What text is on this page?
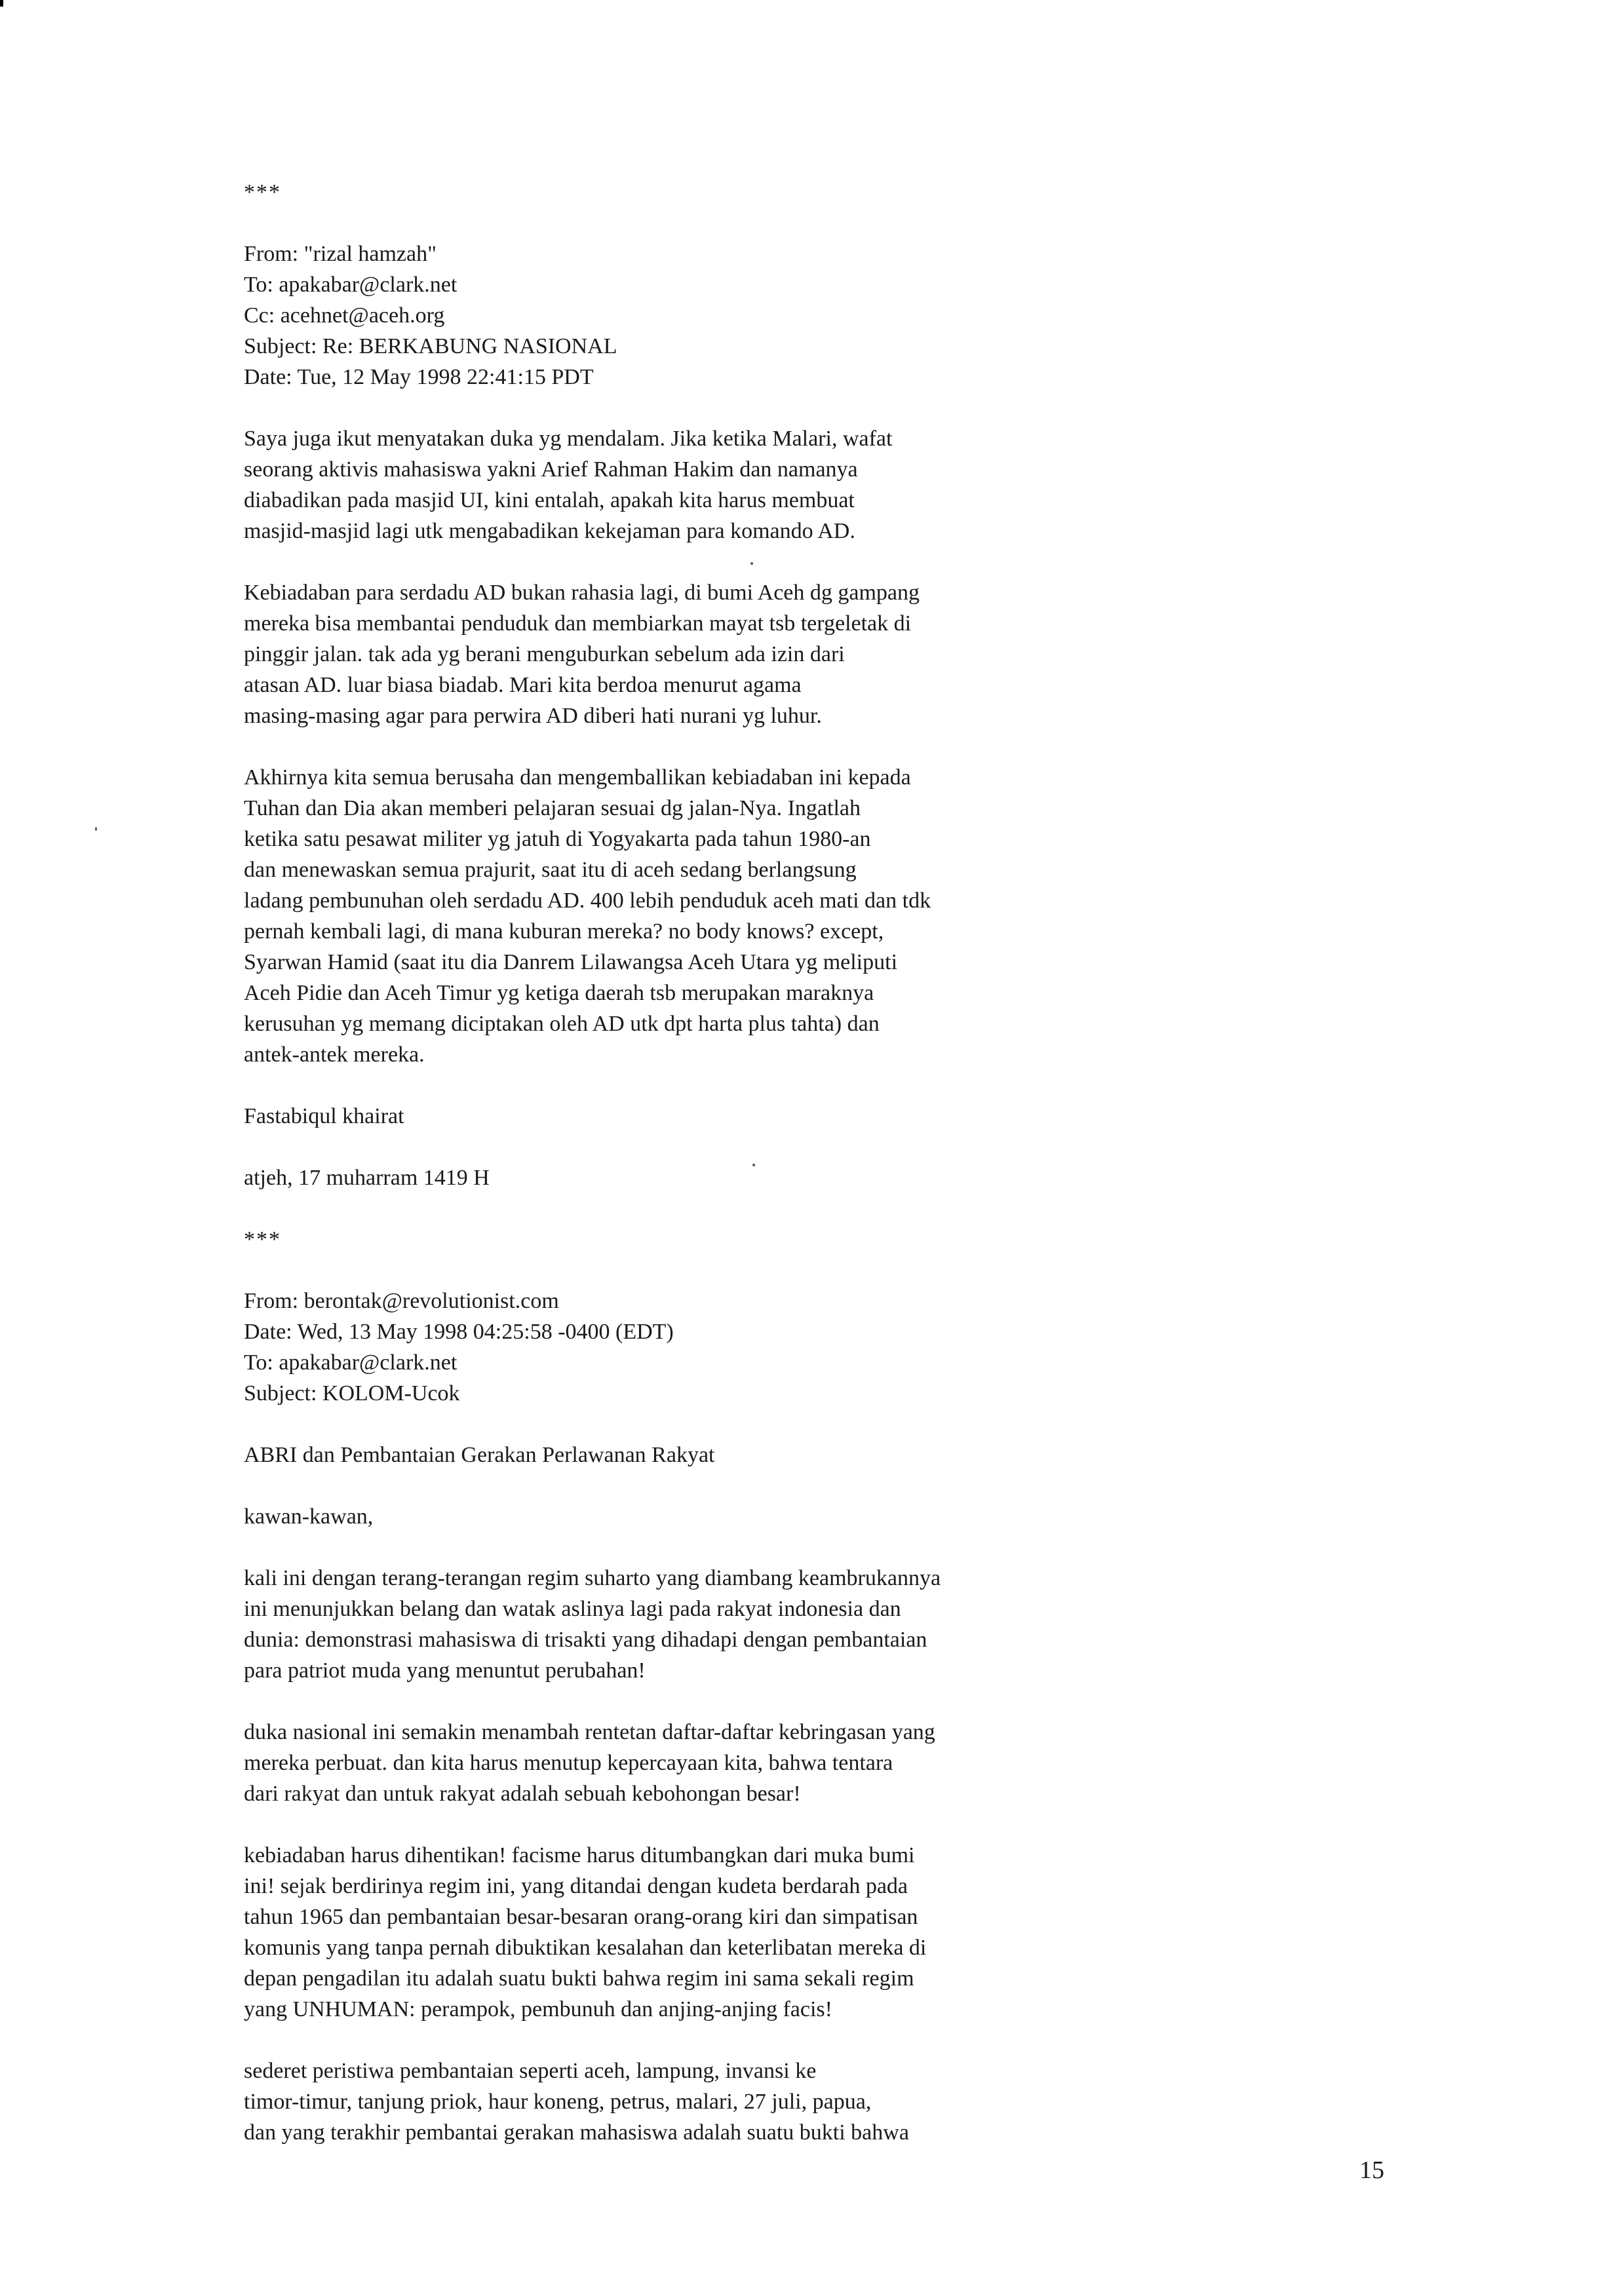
***
From: "rizal hamzah"
To: apakabar@clark.net
Cc: acehnet@aceh.org
Subject: Re: BERKABUNG NASIONAL
Date: Tue, 12 May 1998 22:41:15 PDT
Saya juga ikut menyatakan duka yg mendalam. Jika ketika Malari, wafat
seorang aktivis mahasiswa yakni Arief Rahman Hakim dan namanya
diabadikan pada masjid UI, kini entalah, apakah kita harus membuat
masjid-masjid lagi utk mengabadikan kekejaman para komando AD.
Kebiadaban para serdadu AD bukan rahasia lagi, di bumi Aceh dg gampang
mereka bisa membantai penduduk dan membiarkan mayat tsb tergeletak di
pinggir jalan. tak ada yg berani menguburkan sebelum ada izin dari
atasan AD. luar biasa biadab. Mari kita berdoa menurut agama
masing-masing agar para perwira AD diberi hati nurani yg luhur.
Akhirnya kita semua berusaha dan mengemballikan kebiadaban ini kepada
Tuhan dan Dia akan memberi pelajaran sesuai dg jalan-Nya. Ingatlah
ketika satu pesawat militer yg jatuh di Yogyakarta pada tahun 1980-an
dan menewaskan semua prajurit, saat itu di aceh sedang berlangsung
ladang pembunuhan oleh serdadu AD. 400 lebih penduduk aceh mati dan tdk
pernah kembali lagi, di mana kuburan mereka? no body knows? except,
Syarwan Hamid (saat itu dia Danrem Lilawangsa Aceh Utara yg meliputi
Aceh Pidie dan Aceh Timur yg ketiga daerah tsb merupakan maraknya
kerusuhan yg memang diciptakan oleh AD utk dpt harta plus tahta) dan
antek-antek mereka.
Fastabiqul khairat
atjeh, 17 muharram 1419 H
***
From: berontak@revolutionist.com
Date: Wed, 13 May 1998 04:25:58 -0400 (EDT)
To: apakabar@clark.net
Subject: KOLOM-Ucok
ABRI dan Pembantaian Gerakan Perlawanan Rakyat
kawan-kawan,
kali ini dengan terang-terangan regim suharto yang diambang keambrukannya
ini menunjukkan belang dan watak aslinya lagi pada rakyat indonesia dan
dunia: demonstrasi mahasiswa di trisakti yang dihadapi dengan pembantaian
para patriot muda yang menuntut perubahan!
duka nasional ini semakin menambah rentetan daftar-daftar kebringasan yang
mereka perbuat. dan kita harus menutup kepercayaan kita, bahwa tentara
dari rakyat dan untuk rakyat adalah sebuah kebohongan besar!
kebiadaban harus dihentikan! facisme harus ditumbangkan dari muka bumi
ini! sejak berdirinya regim ini, yang ditandai dengan kudeta berdarah pada
tahun 1965 dan pembantaian besar-besaran orang-orang kiri dan simpatisan
komunis yang tanpa pernah dibuktikan kesalahan dan keterlibatan mereka di
depan pengadilan itu adalah suatu bukti bahwa regim ini sama sekali regim
yang UNHUMAN: perampok, pembunuh dan anjing-anjing facis!
sederet peristiwa pembantaian seperti aceh, lampung, invansi ke
timor-timur, tanjung priok, haur koneng, petrus, malari, 27 juli, papua,
dan yang terakhir pembantai gerakan mahasiswa adalah suatu bukti bahwa
15
